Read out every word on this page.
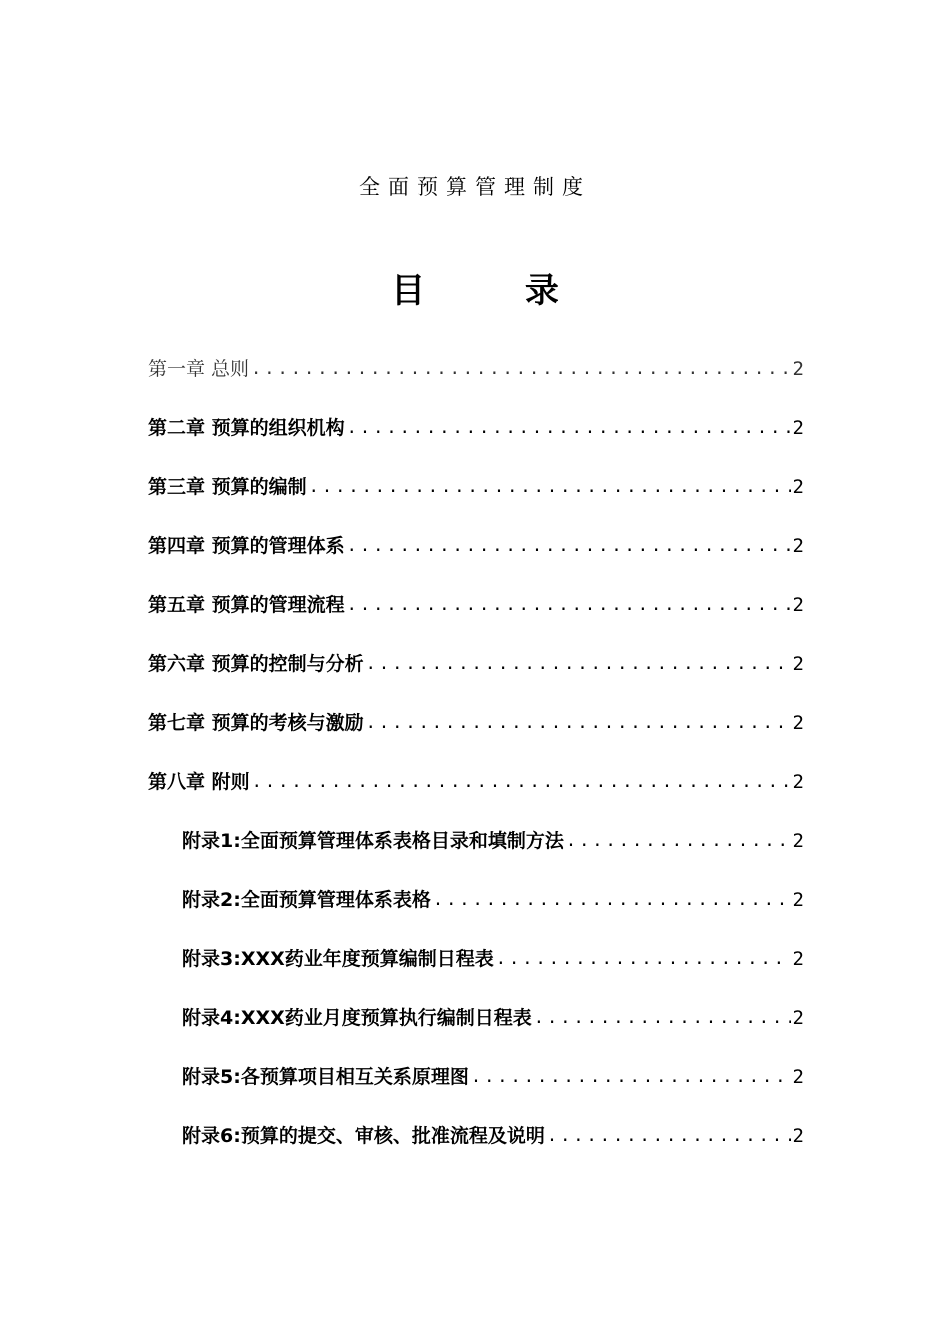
全面预算管理制度
目 录
第一章 总则 .....	2
第二章 预算的组织机构 .....	2
第三章 预算的编制 .....	2
第四章 预算的管理体系 .....	2
第五章 预算的管理流程 .....	2
第六章 预算的控制与分析 .....	2
第七章 预算的考核与激励 .....	2
第八章 附则 .....	2
附录1:全面预算管理体系表格目录和填制方法 .....	2
附录2:全面预算管理体系表格 .....	2
附录3:XXX药业年度预算编制日程表 .....	2
附录4:XXX药业月度预算执行编制日程表 .....	2
附录5:各预算项目相互关系原理图 .....	2
附录6:预算的提交、审核、批准流程及说明 .....	2
